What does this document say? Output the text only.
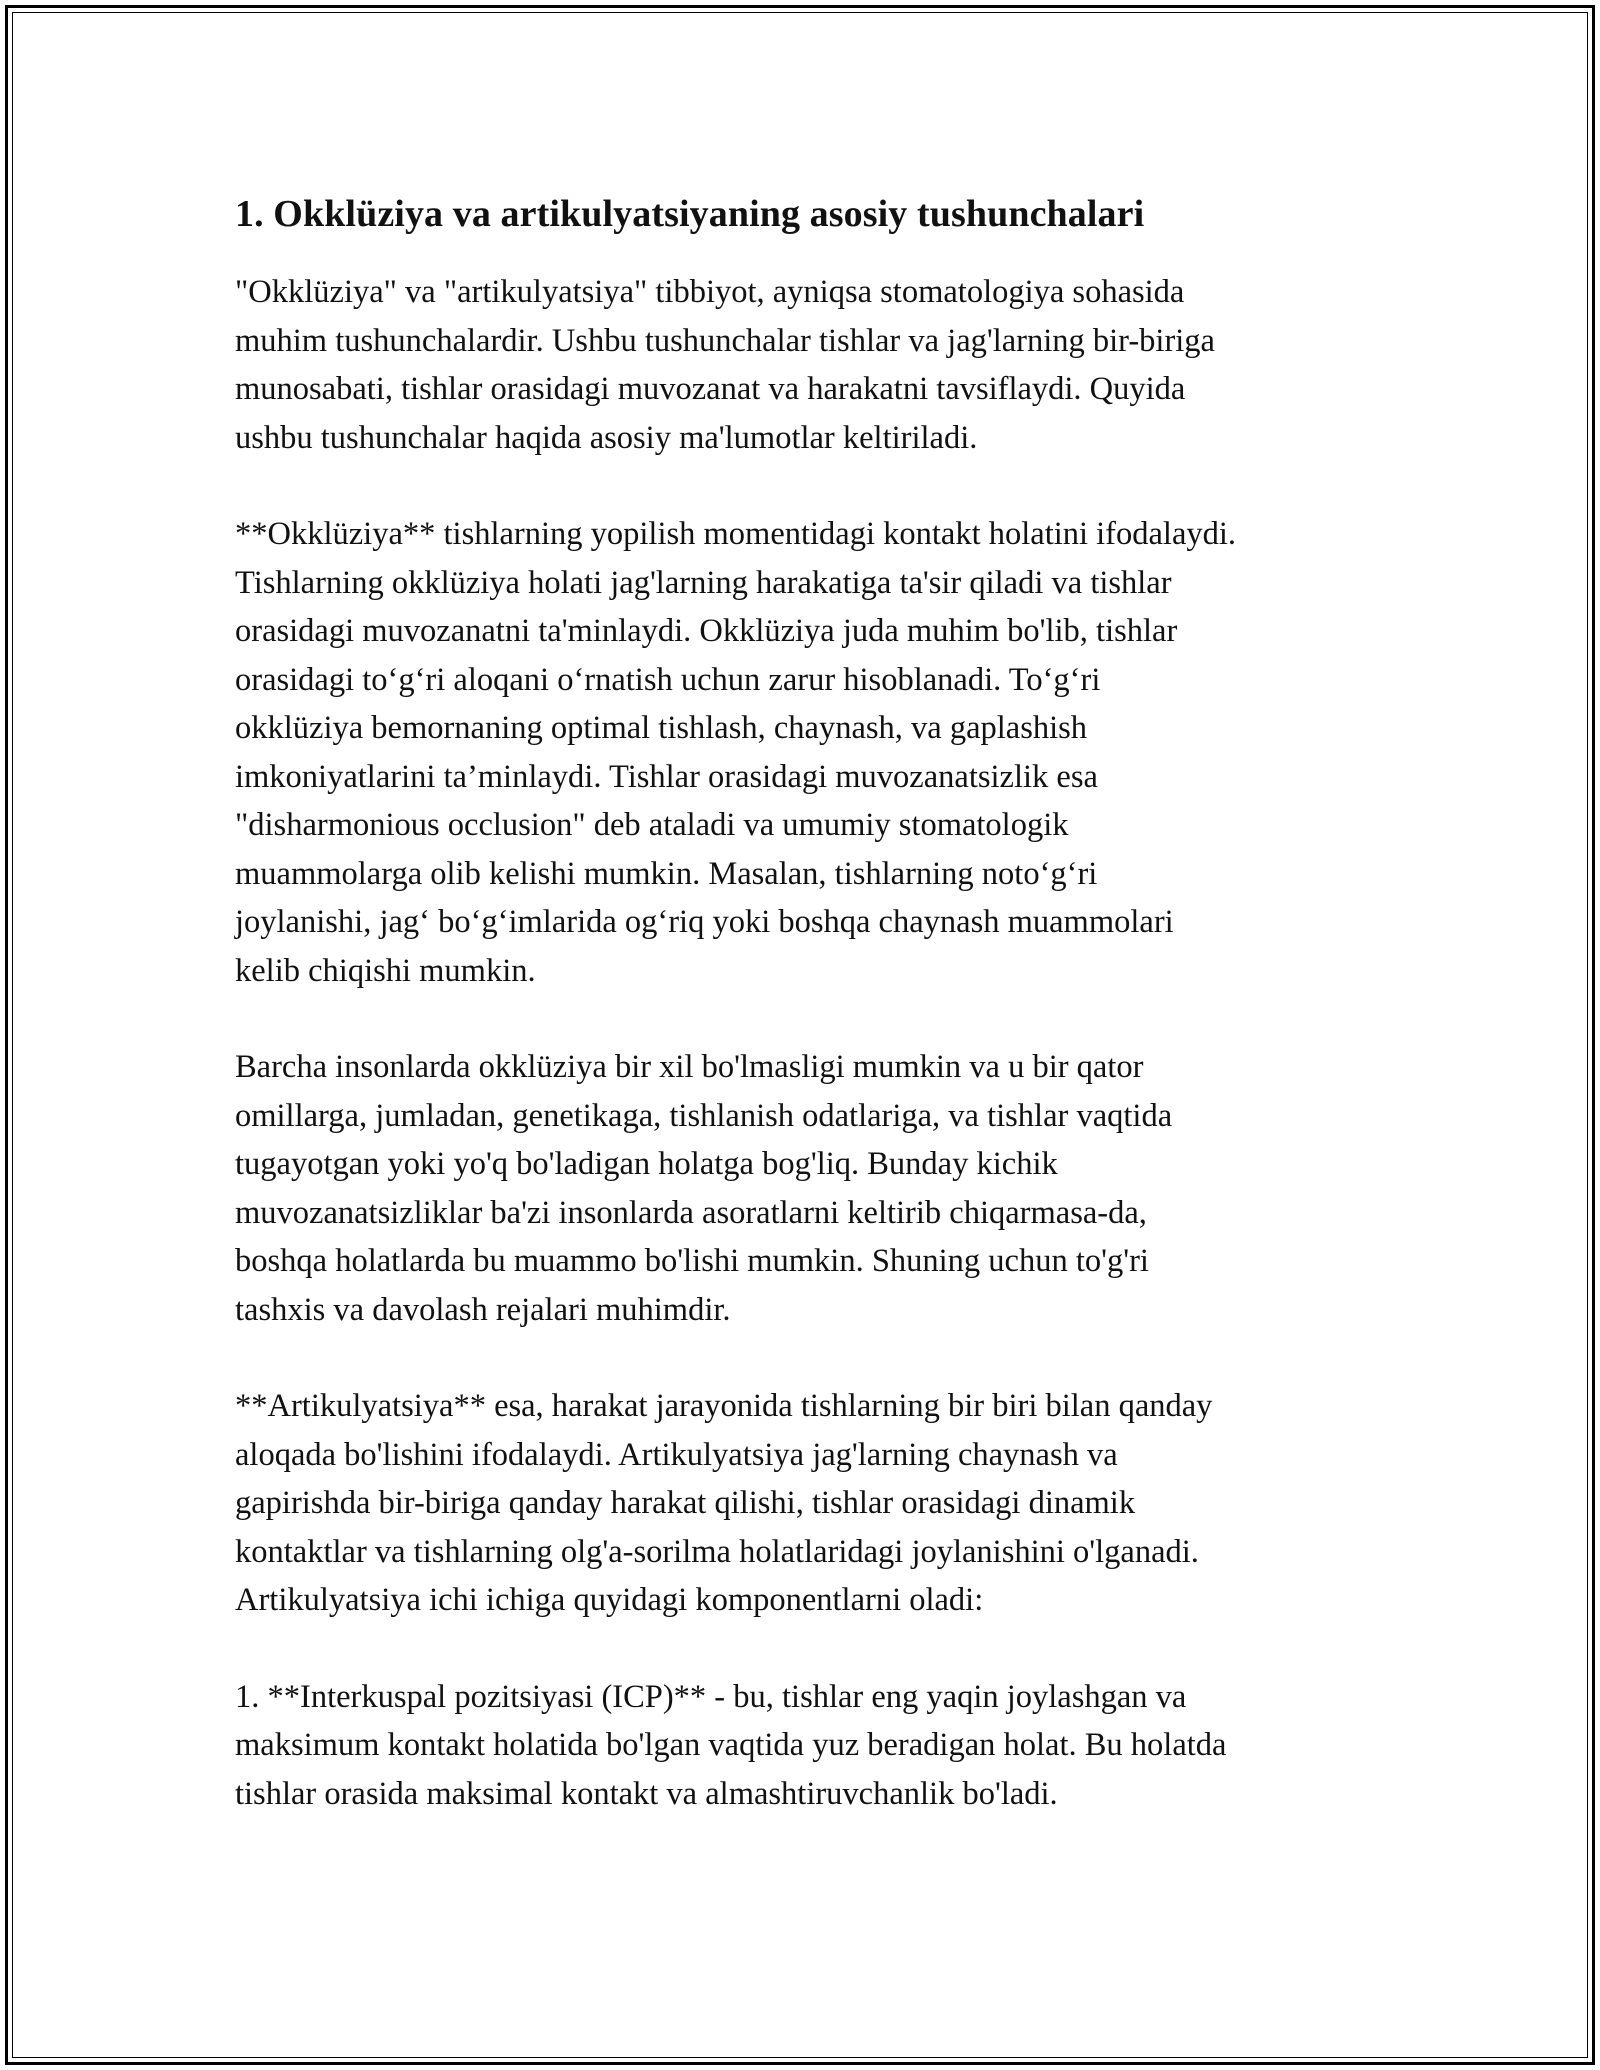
1. Okklüziya va artikulyatsiyaning asosiy tushunchalari

"Okklüziya" va "artikulyatsiya" tibbiyot, ayniqsa stomatologiya sohasida
muhim tushunchalardir. Ushbu tushunchalar tishlar va jag'larning bir-biriga
munosabati, tishlar orasidagi muvozanat va harakatni tavsiflaydi. Quyida
ushbu tushunchalar haqida asosiy ma'lumotlar keltiriladi.

**Okklüziya** tishlarning yopilish momentidagi kontakt holatini ifodalaydi.
Tishlarning okklüziya holati jag'larning harakatiga ta'sir qiladi va tishlar
orasidagi muvozanatni ta'minlaydi. Okklüziya juda muhim bo'lib, tishlar
orasidagi to‘g‘ri aloqani o‘rnatish uchun zarur hisoblanadi. To‘g‘ri
okklüziya bemornaning optimal tishlash, chaynash, va gaplashish
imkoniyatlarini ta’minlaydi. Tishlar orasidagi muvozanatsizlik esa
"disharmonious occlusion" deb ataladi va umumiy stomatologik
muammolarga olib kelishi mumkin. Masalan, tishlarning noto‘g‘ri
joylanishi, jag‘ bo‘g‘imlarida og‘riq yoki boshqa chaynash muammolari
kelib chiqishi mumkin.

Barcha insonlarda okklüziya bir xil bo'lmasligi mumkin va u bir qator
omillarga, jumladan, genetikaga, tishlanish odatlariga, va tishlar vaqtida
tugayotgan yoki yo'q bo'ladigan holatga bog'liq. Bunday kichik
muvozanatsizliklar ba'zi insonlarda asoratlarni keltirib chiqarmasa-da,
boshqa holatlarda bu muammo bo'lishi mumkin. Shuning uchun to'g'ri
tashxis va davolash rejalari muhimdir.

**Artikulyatsiya** esa, harakat jarayonida tishlarning bir biri bilan qanday
aloqada bo'lishini ifodalaydi. Artikulyatsiya jag'larning chaynash va
gapirishda bir-biriga qanday harakat qilishi, tishlar orasidagi dinamik
kontaktlar va tishlarning olg'a-sorilma holatlaridagi joylanishini o'lganadi.
Artikulyatsiya ichi ichiga quyidagi komponentlarni oladi:

1. **Interkuspal pozitsiyasi (ICP)** - bu, tishlar eng yaqin joylashgan va
maksimum kontakt holatida bo'lgan vaqtida yuz beradigan holat. Bu holatda
tishlar orasida maksimal kontakt va almashtiruvchanlik bo'ladi.
